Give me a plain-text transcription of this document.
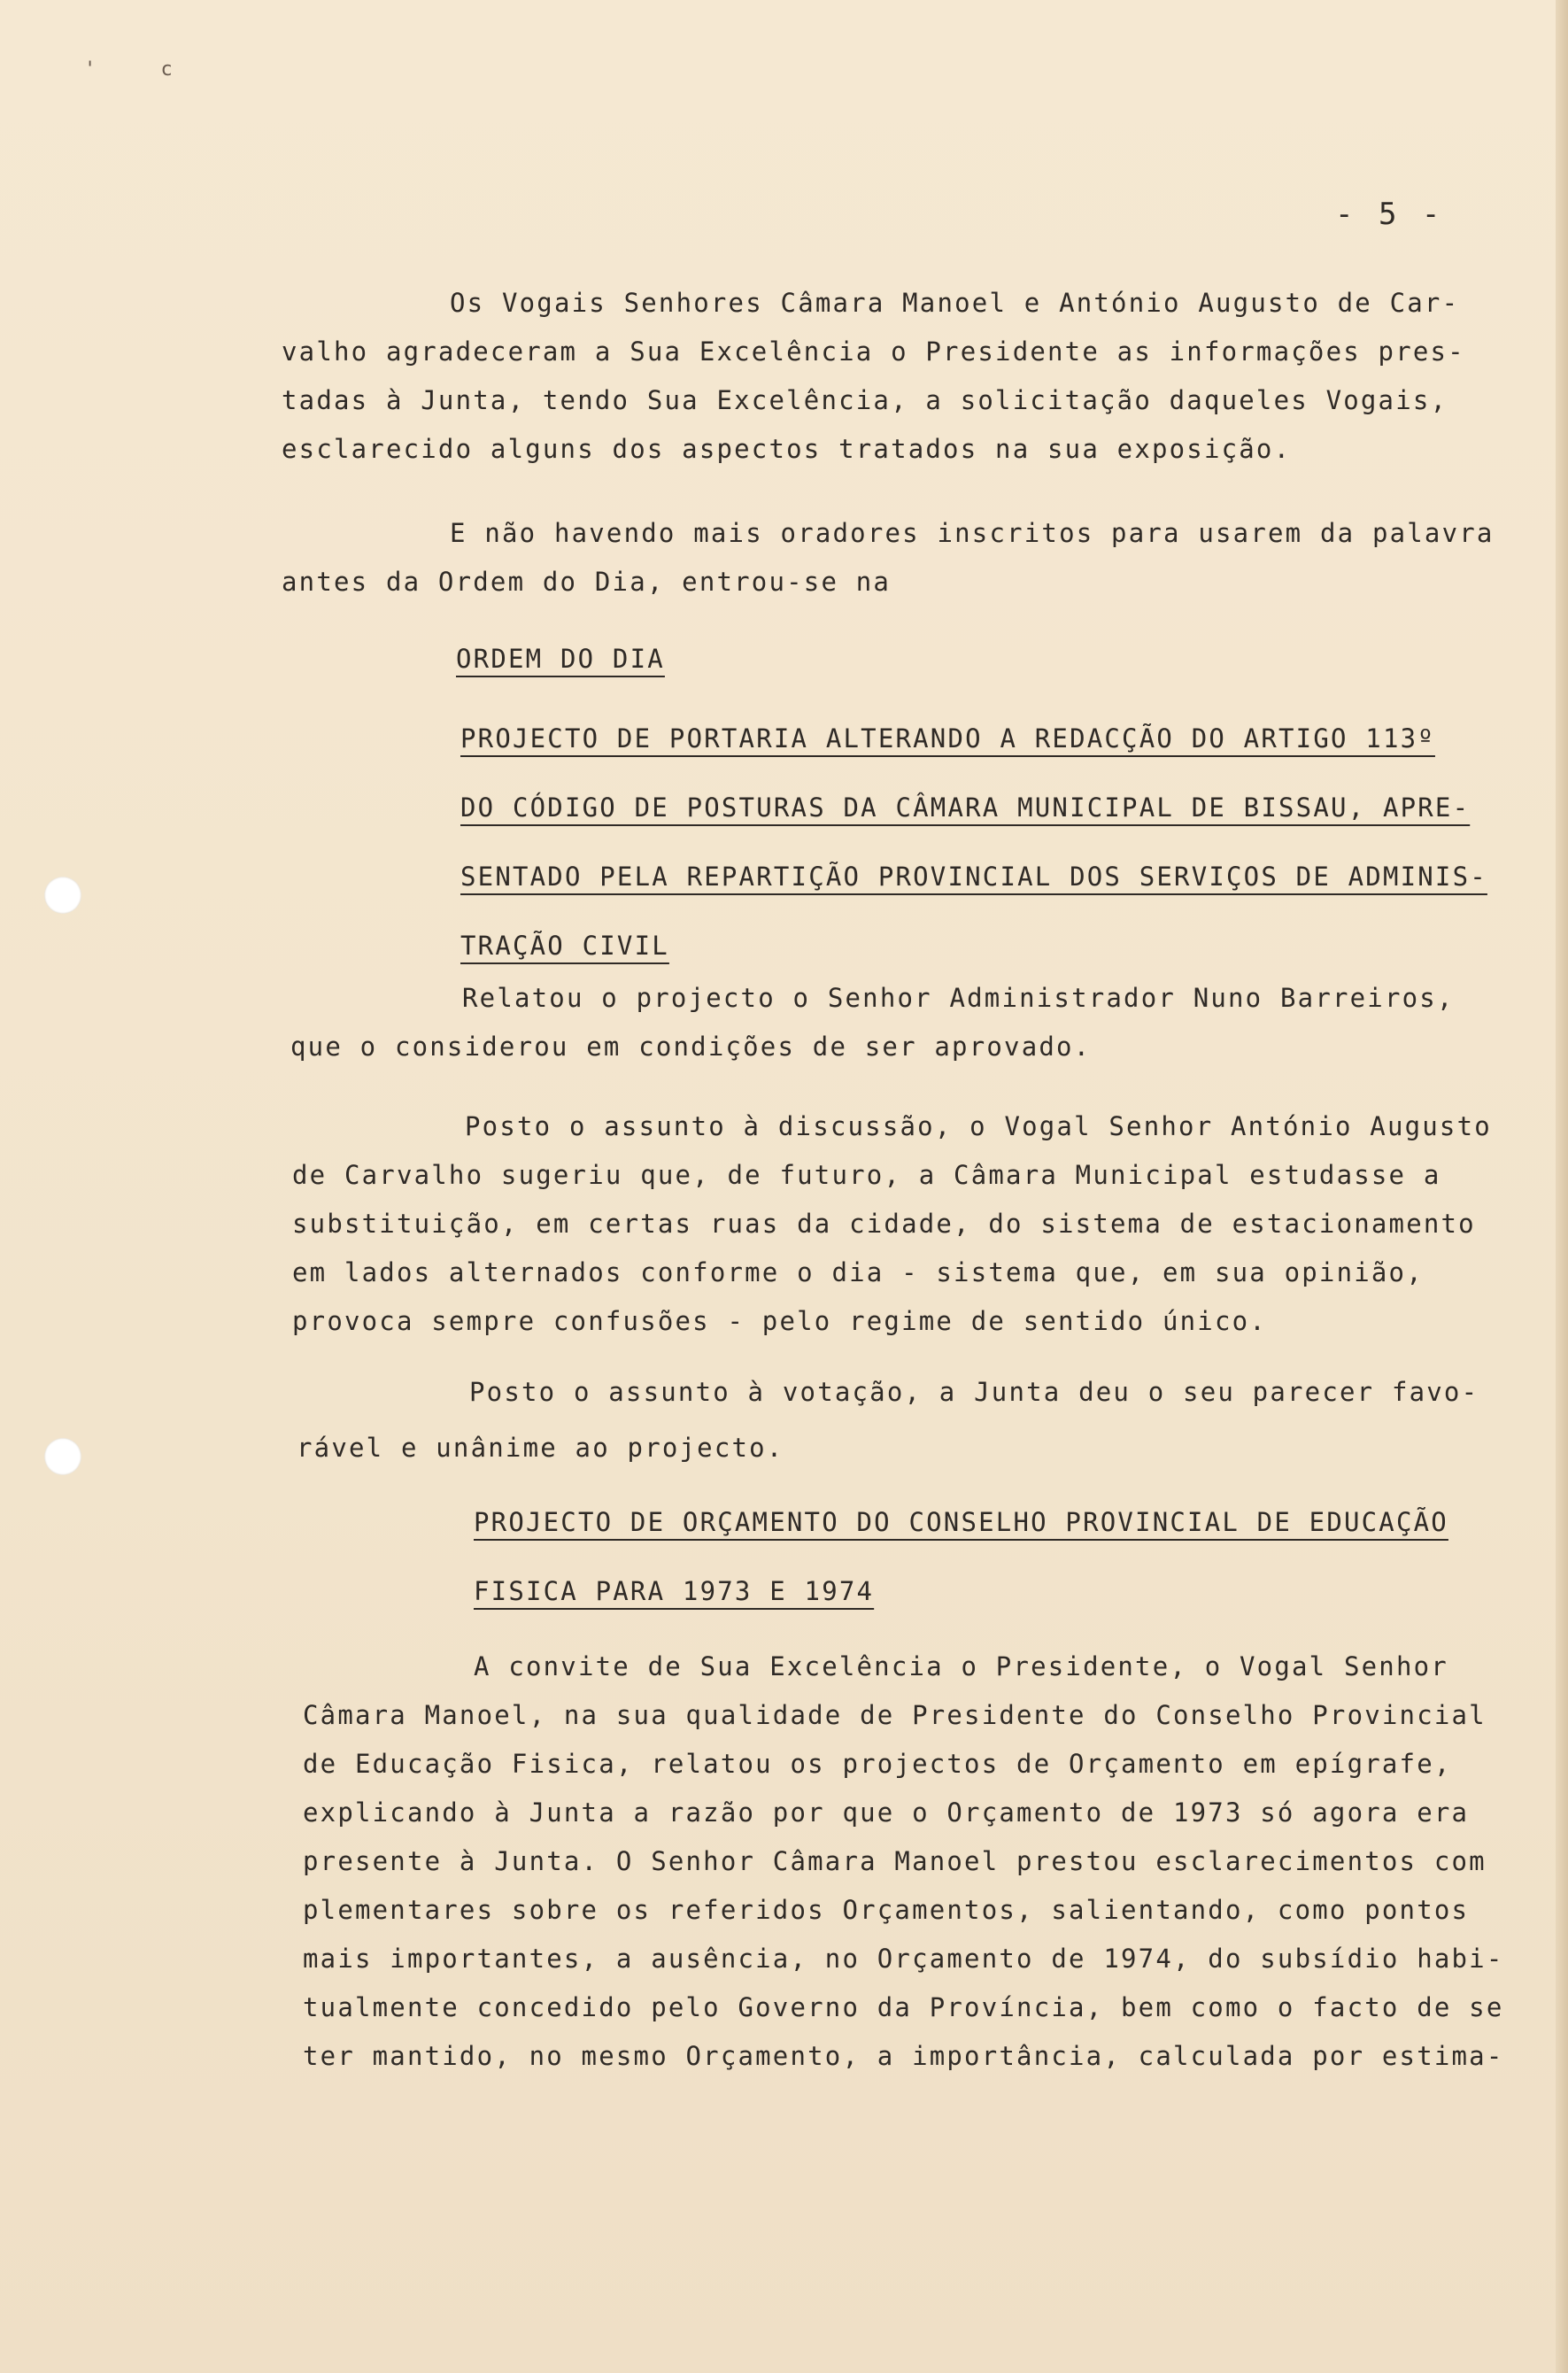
' c
- 5 -
Os Vogais Senhores Câmara Manoel e António Augusto de Car-
valho agradeceram a Sua Excelência o Presidente as informações pres-
tadas à Junta, tendo Sua Excelência, a solicitação daqueles Vogais,
esclarecido alguns dos aspectos tratados na sua exposição.
E não havendo mais oradores inscritos para usarem da palavra
antes da Ordem do Dia, entrou-se na
ORDEM DO DIA
PROJECTO DE PORTARIA ALTERANDO A REDACÇÃO DO ARTIGO 113º
DO CÓDIGO DE POSTURAS DA CÂMARA MUNICIPAL DE BISSAU, APRE-
SENTADO PELA REPARTIÇÃO PROVINCIAL DOS SERVIÇOS DE ADMINIS-
TRAÇÃO CIVIL
Relatou o projecto o Senhor Administrador Nuno Barreiros,
que o considerou em condições de ser aprovado.
Posto o assunto à discussão, o Vogal Senhor António Augusto
de Carvalho sugeriu que, de futuro, a Câmara Municipal estudasse a
substituição, em certas ruas da cidade, do sistema de estacionamento
em lados alternados conforme o dia - sistema que, em sua opinião,
provoca sempre confusões - pelo regime de sentido único.
Posto o assunto à votação, a Junta deu o seu parecer favo-
rável e unânime ao projecto.
PROJECTO DE ORÇAMENTO DO CONSELHO PROVINCIAL DE EDUCAÇÃO
FISICA PARA 1973 E 1974
A convite de Sua Excelência o Presidente, o Vogal Senhor
Câmara Manoel, na sua qualidade de Presidente do Conselho Provincial
de Educação Fisica, relatou os projectos de Orçamento em epígrafe,
explicando à Junta a razão por que o Orçamento de 1973 só agora era
presente à Junta. O Senhor Câmara Manoel prestou esclarecimentos com
plementares sobre os referidos Orçamentos, salientando, como pontos
mais importantes, a ausência, no Orçamento de 1974, do subsídio habi-
tualmente concedido pelo Governo da Província, bem como o facto de se
ter mantido, no mesmo Orçamento, a importância, calculada por estima-
